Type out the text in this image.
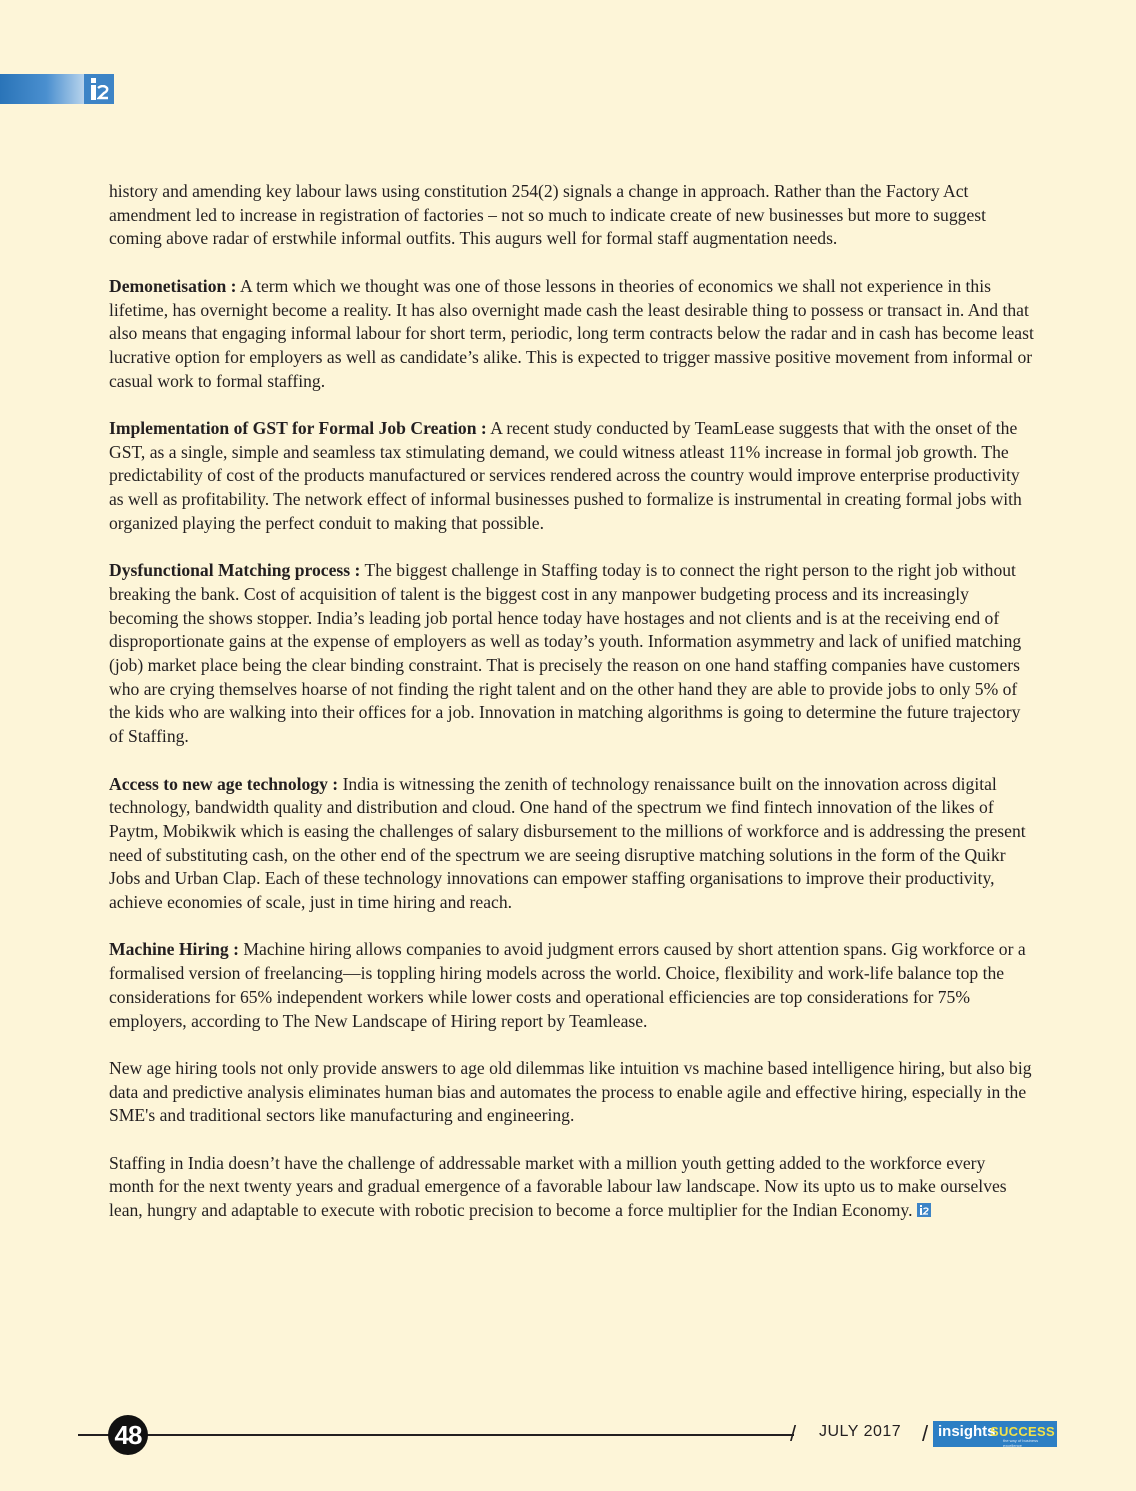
history and amending key labour laws using constitution 254(2) signals a change in approach. Rather than the Factory Act amendment led to increase in registration of factories – not so much to indicate create of new businesses but more to suggest coming above radar of erstwhile informal outfits. This augurs well for formal staff augmentation needs.

Demonetisation : A term which we thought was one of those lessons in theories of economics we shall not experience in this lifetime, has overnight become a reality. It has also overnight made cash the least desirable thing to possess or transact in. And that also means that engaging informal labour for short term, periodic, long term contracts below the radar and in cash has become least lucrative option for employers as well as candidate’s alike. This is expected to trigger massive positive movement from informal or casual work to formal staffing.

Implementation of GST for Formal Job Creation : A recent study conducted by TeamLease suggests that with the onset of the GST, as a single, simple and seamless tax stimulating demand, we could witness atleast 11% increase in formal job growth. The predictability of cost of the products manufactured or services rendered across the country would improve enterprise productivity as well as profitability. The network effect of informal businesses pushed to formalize is instrumental in creating formal jobs with organized playing the perfect conduit to making that possible.

Dysfunctional Matching process : The biggest challenge in Staffing today is to connect the right person to the right job without breaking the bank. Cost of acquisition of talent is the biggest cost in any manpower budgeting process and its increasingly becoming the shows stopper. India’s leading job portal hence today have hostages and not clients and is at the receiving end of disproportionate gains at the expense of employers as well as today’s youth. Information asymmetry and lack of unified matching (job) market place being the clear binding constraint. That is precisely the reason on one hand staffing companies have customers who are crying themselves hoarse of not finding the right talent and on the other hand they are able to provide jobs to only 5% of the kids who are walking into their offices for a job. Innovation in matching algorithms is going to determine the future trajectory of Staffing.

Access to new age technology : India is witnessing the zenith of technology renaissance built on the innovation across digital technology, bandwidth quality and distribution and cloud. One hand of the spectrum we find fintech innovation of the likes of Paytm, Mobikwik which is easing the challenges of salary disbursement to the millions of workforce and is addressing the present need of substituting cash, on the other end of the spectrum we are seeing disruptive matching solutions in the form of the Quikr Jobs and Urban Clap. Each of these technology innovations can empower staffing organisations to improve their productivity, achieve economies of scale, just in time hiring and reach.

Machine Hiring : Machine hiring allows companies to avoid judgment errors caused by short attention spans. Gig workforce or a formalised version of freelancing—is toppling hiring models across the world. Choice, flexibility and work-life balance top the considerations for 65% independent workers while lower costs and operational efficiencies are top considerations for 75% employers, according to The New Landscape of Hiring report by Teamlease.

New age hiring tools not only provide answers to age old dilemmas like intuition vs machine based intelligence hiring, but also big data and predictive analysis eliminates human bias and automates the process to enable agile and effective hiring, especially in the SME's and traditional sectors like manufacturing and engineering.

Staffing in India doesn’t have the challenge of addressable market with a million youth getting added to the workforce every month for the next twenty years and gradual emergence of a favorable labour law landscape. Now its upto us to make ourselves lean, hungry and adaptable to execute with robotic precision to become a force multiplier for the Indian Economy.

48	/ JULY 2017 / insights
SUCCESS
the way of business excellence
